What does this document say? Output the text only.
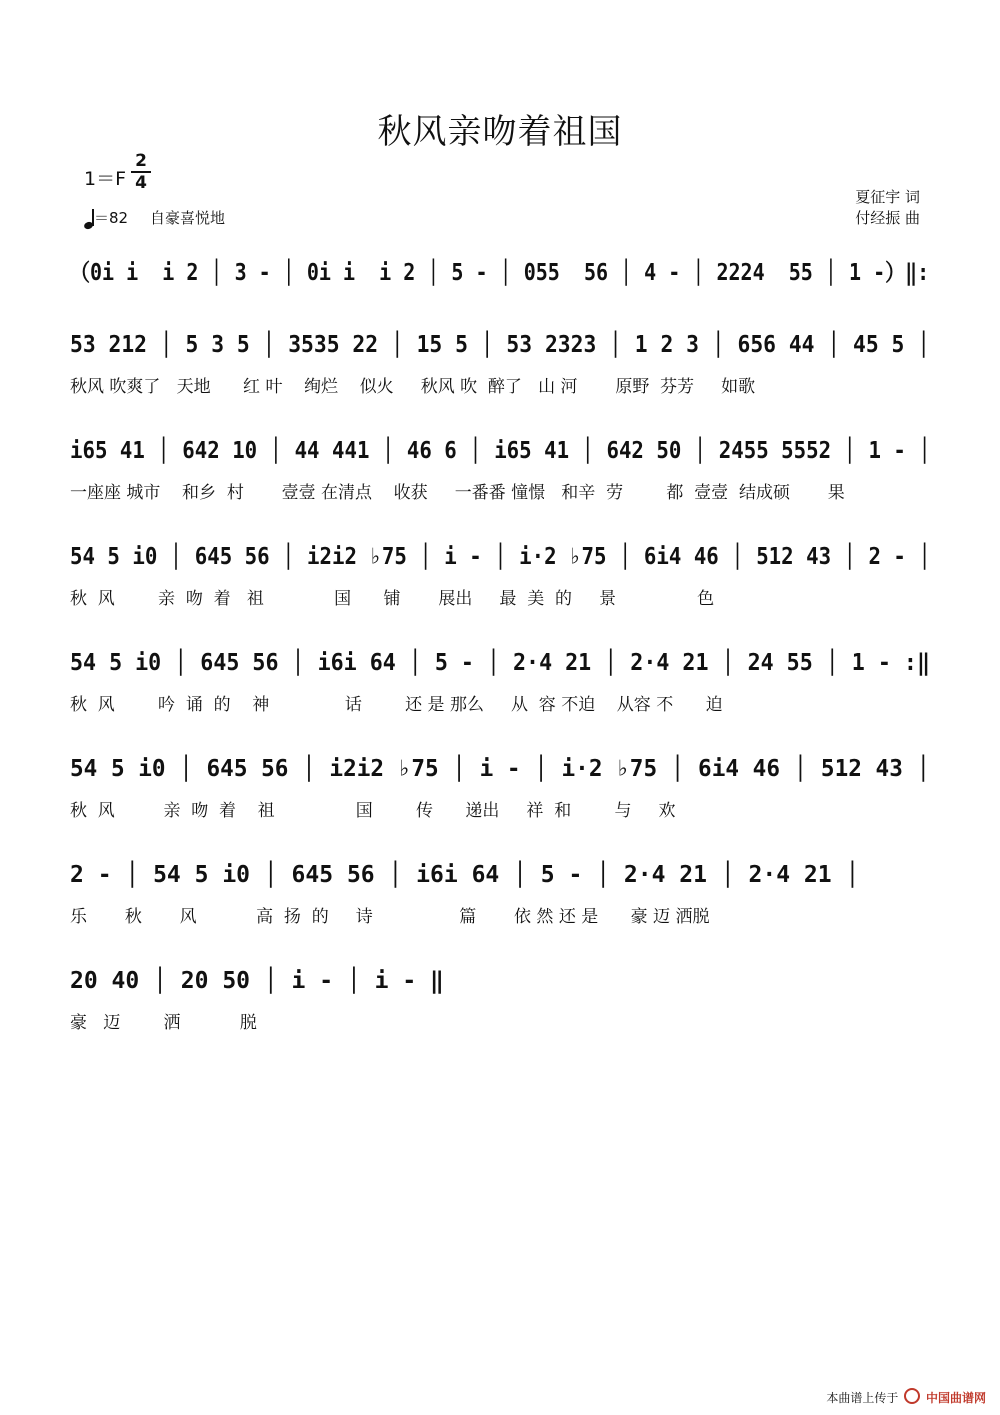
秋风亲吻着祖国
$1=F \frac{2}{4}$
＝82 自豪喜悦地
夏征宇 词
付经振 曲
（0i i  i 2 │ 3 - │ 0i i  i 2 │ 5 - │ 055  56 │ 4 - │ 2224  55 │ 1 -）‖:
53 212 │ 5 3 5 │ 3535 22 │ 15 5 │ 53 2323 │ 1 2 3 │ 656 44 │ 45 5 │
秋风 吹爽了   天地      红 叶    绚烂    似火     秋风 吹  醉了   山 河       原野  芬芳     如歌
i65 41 │ 642 10 │ 44 441 │ 46 6 │ i65 41 │ 642 50 │ 2455 5552 │ 1 - │
一座座 城市    和乡  村       壹壹 在清点    收获     一番番 憧憬   和辛  劳        都  壹壹  结成硕       果
54 5 i0 │ 645 56 │ i2i2 ♭75 │ i - │ i·2 ♭75 │ 6i4 46 │ 512 43 │ 2 - │
秋  风        亲  吻  着   祖             国      铺       展出     最  美  的     景               色
54 5 i0 │ 645 56 │ i6i 64 │ 5 - │ 2·4 21 │ 2·4 21 │ 24 55 │ 1 - :‖
秋  风        吟  诵  的    神              话        还 是 那么     从  容 不迫    从容 不      迫
54 5 i0 │ 645 56 │ i2i2 ♭75 │ i - │ i·2 ♭75 │ 6i4 46 │ 512 43 │
秋  风         亲  吻  着    祖               国        传      递出     祥  和        与     欢
2 - │ 54 5 i0 │ 645 56 │ i6i 64 │ 5 - │ 2·4 21 │ 2·4 21 │
乐       秋       风           高  扬  的     诗                篇       依 然 还 是      豪 迈 洒脱
20 40 │ 20 50 │ i - │ i - ‖
豪   迈        洒           脱
本曲谱上传于 中国曲谱网
